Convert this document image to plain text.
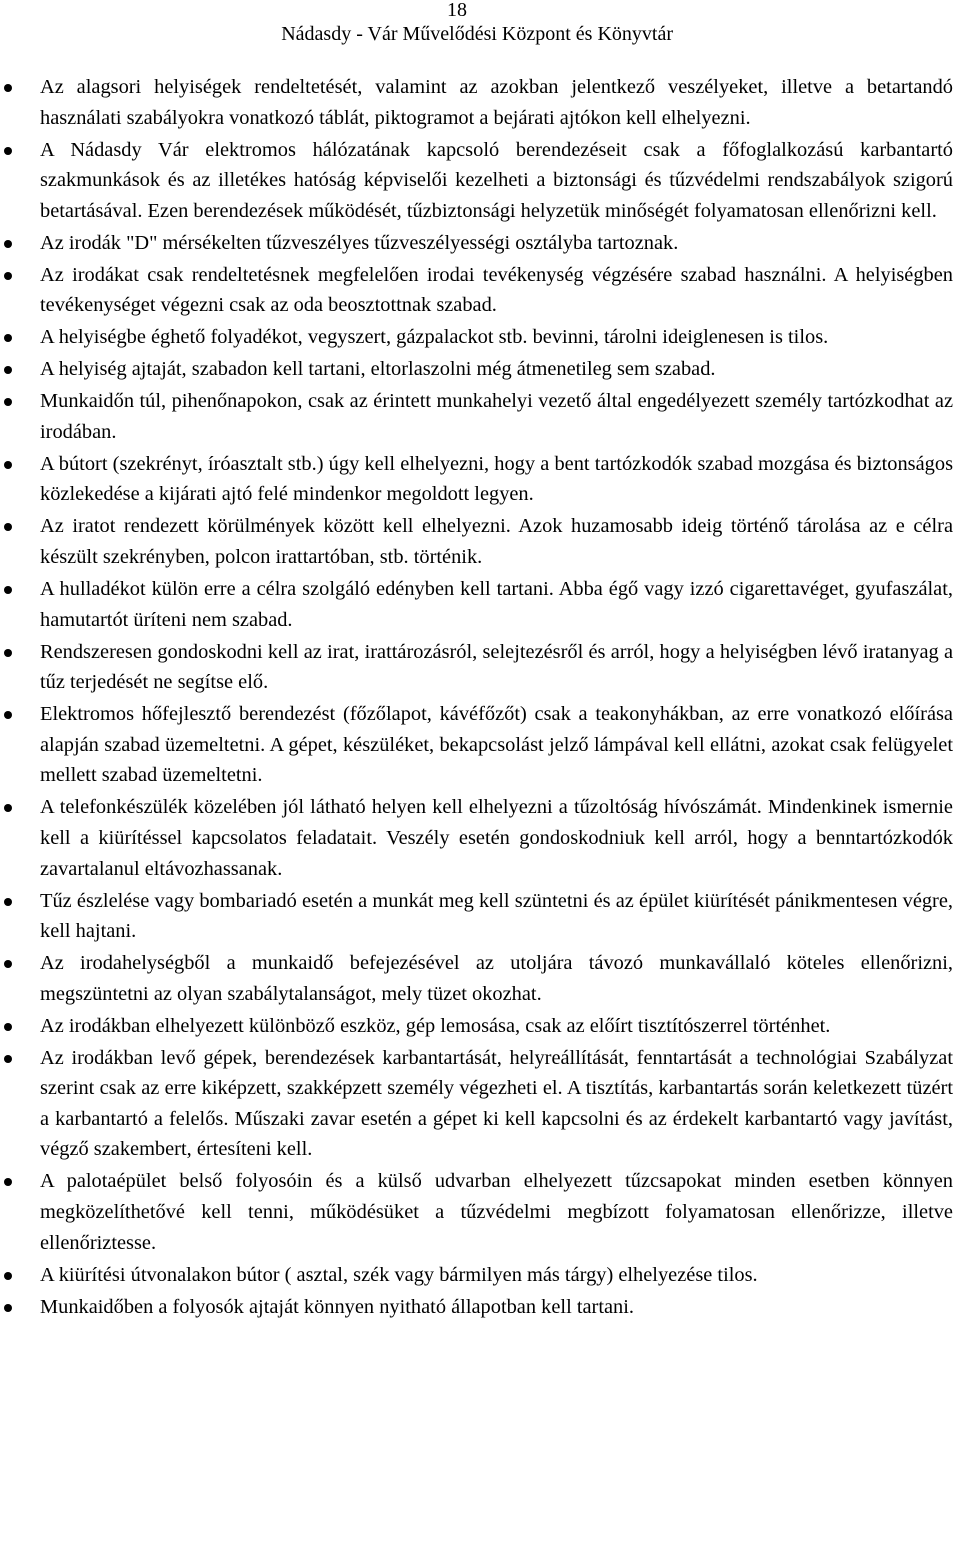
18
Nádasdy - Vár Művelődési Központ és Könyvtár
Az alagsori helyiségek rendeltetését, valamint az azokban jelentkező veszélyeket, illetve a betartandó használati szabályokra vonatkozó táblát, piktogramot a bejárati ajtókon kell elhelyezni.
A Nádasdy Vár elektromos hálózatának kapcsoló berendezéseit csak a főfoglalkozású karbantartó szakmunkások és az illetékes hatóság képviselői kezelheti a biztonsági és tűzvédelmi rendszabályok szigorú betartásával. Ezen berendezések működését, tűzbiztonsági helyzetük minőségét folyamatosan ellenőrizni kell.
Az irodák "D" mérsékelten tűzveszélyes tűzveszélyességi osztályba tartoznak.
Az irodákat csak rendeltetésnek megfelelően irodai tevékenység végzésére szabad használni. A helyiségben tevékenységet végezni csak az oda beosztottnak szabad.
A helyiségbe éghető folyadékot, vegyszert, gázpalackot stb. bevinni, tárolni ideiglenesen is tilos.
A helyiség ajtaját, szabadon kell tartani, eltorlaszolni még átmenetileg sem szabad.
Munkaidőn túl, pihenőnapokon, csak az érintett munkahelyi vezető által engedélyezett személy tartózkodhat az irodában.
A bútort (szekrényt, íróasztalt stb.) úgy kell elhelyezni, hogy a bent tartózkodók szabad mozgása és biztonságos közlekedése a kijárati ajtó felé mindenkor megoldott legyen.
Az iratot rendezett körülmények között kell elhelyezni. Azok huzamosabb ideig történő tárolása az e célra készült szekrényben, polcon irattartóban, stb. történik.
A hulladékot külön erre a célra szolgáló edényben kell tartani. Abba égő vagy izzó cigarettavéget, gyufaszálat, hamutartót üríteni nem szabad.
Rendszeresen gondoskodni kell az irat, irattározásról, selejtezésről és arról, hogy a helyiségben lévő iratanyag a tűz terjedését ne segítse elő.
Elektromos hőfejlesztő berendezést (főzőlapot, kávéfőzőt) csak a teakonyhákban, az erre vonatkozó előírása alapján szabad üzemeltetni. A gépet, készüléket, bekapcsolást jelző lámpával kell ellátni, azokat csak felügyelet mellett szabad üzemeltetni.
A telefonkészülék közelében jól látható helyen kell elhelyezni a tűzoltóság hívószámát. Mindenkinek ismernie kell a kiürítéssel kapcsolatos feladatait. Veszély esetén gondoskodniuk kell arról, hogy a benntartózkodók zavartalanul eltávozhassanak.
Tűz észlelése vagy bombariadó esetén a munkát meg kell szüntetni és az épület kiürítését pánikmentesen végre, kell hajtani.
Az irodahelységből a munkaidő befejezésével az utoljára távozó munkavállaló köteles ellenőrizni, megszüntetni az olyan szabálytalanságot, mely tüzet okozhat.
Az irodákban elhelyezett különböző eszköz, gép lemosása, csak az előírt tisztítószerrel történhet.
Az irodákban levő gépek, berendezések karbantartását, helyreállítását, fenntartását a technológiai Szabályzat szerint csak az erre kiképzett, szakképzett személy végezheti el. A tisztítás, karbantartás során keletkezett tüzért a karbantartó a felelős. Műszaki zavar esetén a gépet ki kell kapcsolni és az érdekelt karbantartó vagy javítást, végző szakembert, értesíteni kell.
A palotaépület belső folyosóin és a külső udvarban elhelyezett tűzcsapokat minden esetben könnyen megközelíthetővé kell tenni, működésüket a tűzvédelmi megbízott folyamatosan ellenőrizze, illetve ellenőriztesse.
A kiürítési útvonalakon bútor ( asztal, szék vagy bármilyen más tárgy) elhelyezése tilos.
Munkaidőben a folyosók ajtaját könnyen nyitható állapotban kell tartani.
